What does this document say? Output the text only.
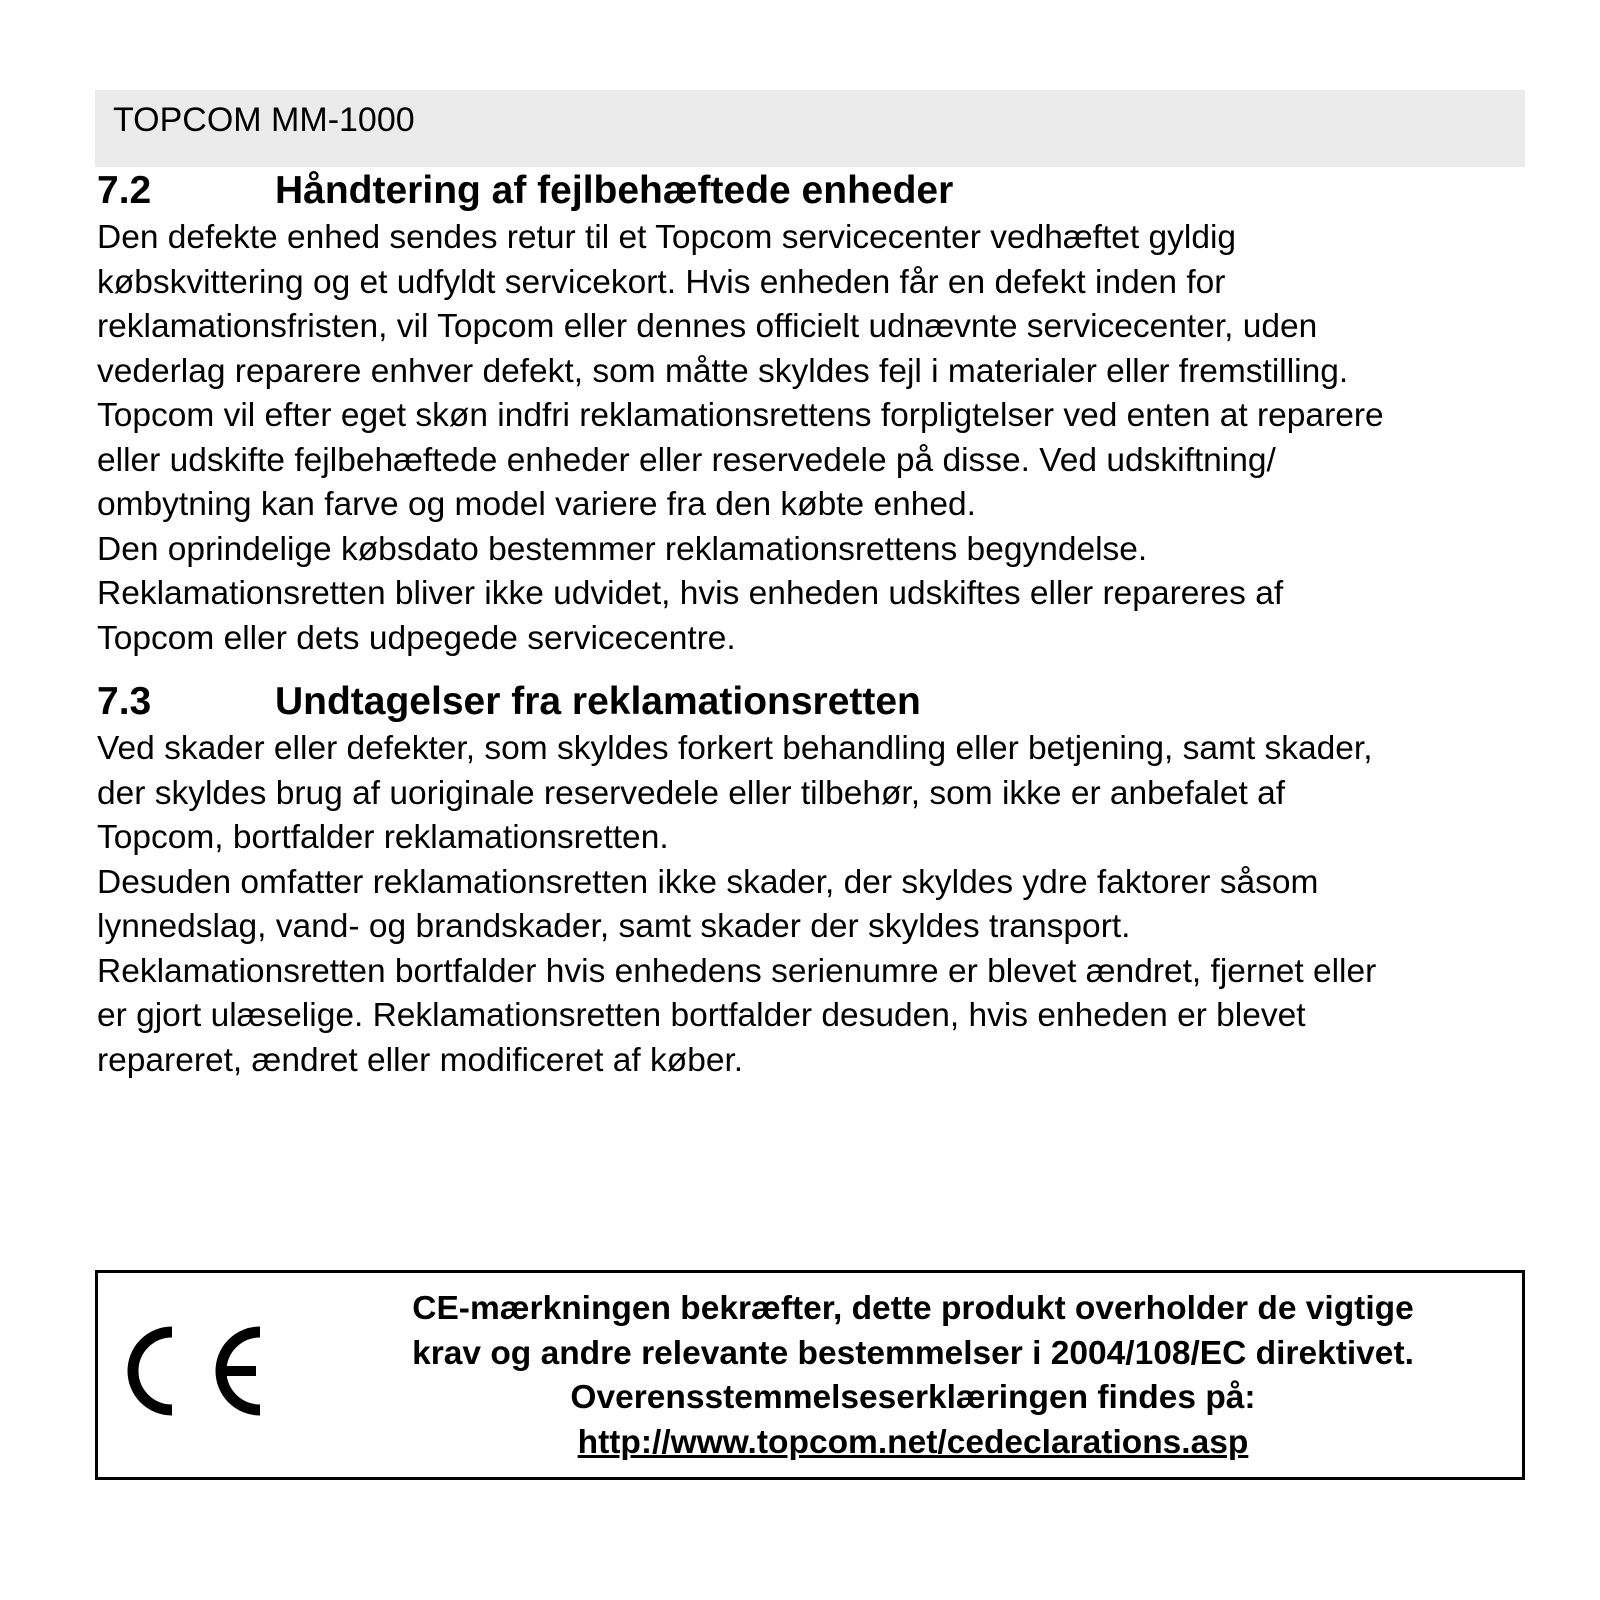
TOPCOM MM-1000
7.2	Håndtering af fejlbehæftede enheder

Den defekte enhed sendes retur til et Topcom servicecenter vedhæftet gyldig

købskvittering og et udfyldt servicekort. Hvis enheden får en defekt inden for

reklamationsfristen, vil Topcom eller dennes officielt udnævnte servicecenter, uden

vederlag reparere enhver defekt, som måtte skyldes fejl i materialer eller fremstilling.

Topcom vil efter eget skøn indfri reklamationsrettens forpligtelser ved enten at reparere

eller udskifte fejlbehæftede enheder eller reservedele på disse. Ved udskiftning/

ombytning kan farve og model variere fra den købte enhed.

Den oprindelige købsdato bestemmer reklamationsrettens begyndelse.

Reklamationsretten bliver ikke udvidet, hvis enheden udskiftes eller repareres af

Topcom eller dets udpegede servicecentre.

7.3	Undtagelser fra reklamationsretten

Ved skader eller defekter, som skyldes forkert behandling eller betjening, samt skader,

der skyldes brug af uoriginale reservedele eller tilbehør, som ikke er anbefalet af

Topcom, bortfalder reklamationsretten.

Desuden omfatter reklamationsretten ikke skader, der skyldes ydre faktorer såsom

lynnedslag, vand- og brandskader, samt skader der skyldes transport.

Reklamationsretten bortfalder hvis enhedens serienumre er blevet ændret, fjernet eller

er gjort ulæselige. Reklamationsretten bortfalder desuden, hvis enheden er blevet

repareret, ændret eller modificeret af køber.

CE-mærkningen bekræfter, dette produkt overholder de vigtige
krav og andre relevante bestemmelser i 2004/108/EC direktivet.
Overensstemmelseserklæringen findes på:
http://www.topcom.net/cedeclarations.asp
